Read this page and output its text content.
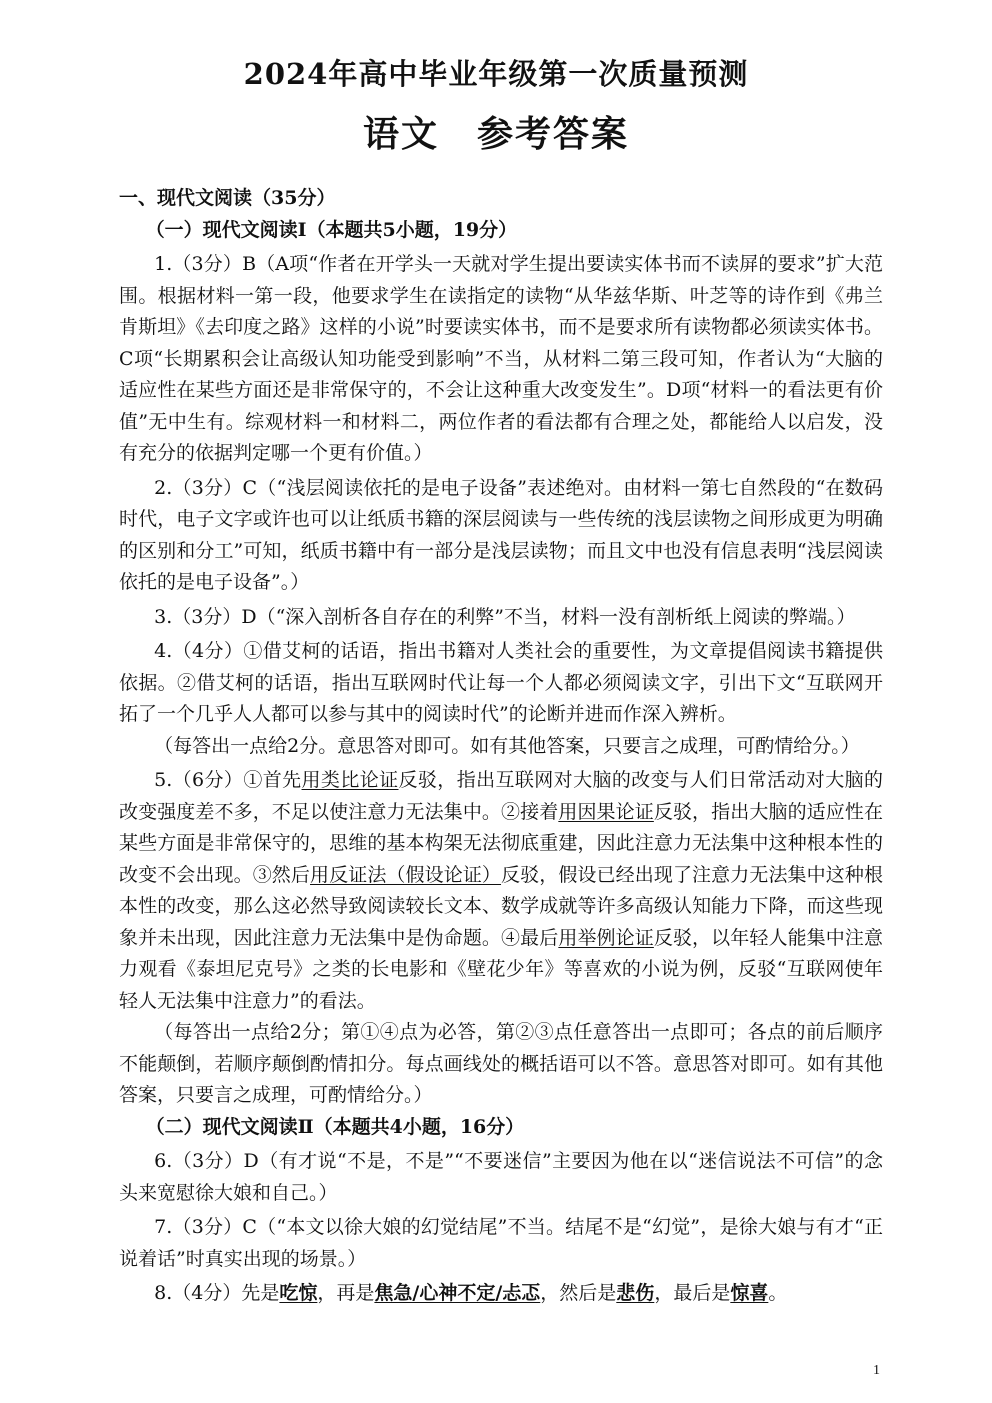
2024年高中毕业年级第一次质量预测
语文　参考答案

一、现代文阅读（35分）

（一）现代文阅读Ⅰ（本题共5小题，19分）

1.（3分）B（A项“作者在开学头一天就对学生提出要读实体书而不读屏的要求”扩大范围。根据材料一第一段，他要求学生在读指定的读物“从华兹华斯、叶芝等的诗作到《弗兰肯斯坦》《去印度之路》这样的小说”时要读实体书，而不是要求所有读物都必须读实体书。C项“长期累积会让高级认知功能受到影响”不当，从材料二第三段可知，作者认为“大脑的适应性在某些方面还是非常保守的，不会让这种重大改变发生”。D项“材料一的看法更有价值”无中生有。综观材料一和材料二，两位作者的看法都有合理之处，都能给人以启发，没有充分的依据判定哪一个更有价值。）

2.（3分）C（“浅层阅读依托的是电子设备”表述绝对。由材料一第七自然段的“在数码时代，电子文字或许也可以让纸质书籍的深层阅读与一些传统的浅层读物之间形成更为明确的区别和分工”可知，纸质书籍中有一部分是浅层读物；而且文中也没有信息表明“浅层阅读依托的是电子设备”。）

3.（3分）D（“深入剖析各自存在的利弊”不当，材料一没有剖析纸上阅读的弊端。）

4.（4分）①借艾柯的话语，指出书籍对人类社会的重要性，为文章提倡阅读书籍提供依据。②借艾柯的话语，指出互联网时代让每一个人都必须阅读文字，引出下文“互联网开拓了一个几乎人人都可以参与其中的阅读时代”的论断并进而作深入辨析。

（每答出一点给2分。意思答对即可。如有其他答案，只要言之成理，可酌情给分。）

5.（6分）①首先用类比论证反驳，指出互联网对大脑的改变与人们日常活动对大脑的改变强度差不多，不足以使注意力无法集中。②接着用因果论证反驳，指出大脑的适应性在某些方面是非常保守的，思维的基本构架无法彻底重建，因此注意力无法集中这种根本性的改变不会出现。③然后用反证法（假设论证）反驳，假设已经出现了注意力无法集中这种根本性的改变，那么这必然导致阅读较长文本、数学成就等许多高级认知能力下降，而这些现象并未出现，因此注意力无法集中是伪命题。④最后用举例论证反驳，以年轻人能集中注意力观看《泰坦尼克号》之类的长电影和《壁花少年》等喜欢的小说为例，反驳“互联网使年轻人无法集中注意力”的看法。

（每答出一点给2分；第①④点为必答，第②③点任意答出一点即可；各点的前后顺序不能颠倒，若顺序颠倒酌情扣分。每点画线处的概括语可以不答。意思答对即可。如有其他答案，只要言之成理，可酌情给分。）

（二）现代文阅读Ⅱ（本题共4小题，16分）

6.（3分）D（有才说“不是，不是”“不要迷信”主要因为他在以“迷信说法不可信”的念头来宽慰徐大娘和自己。）

7.（3分）C（“本文以徐大娘的幻觉结尾”不当。结尾不是“幻觉”，是徐大娘与有才“正说着话”时真实出现的场景。）

8.（4分）先是吃惊，再是焦急/心神不定/忐忑，然后是悲伤，最后是惊喜。

1
